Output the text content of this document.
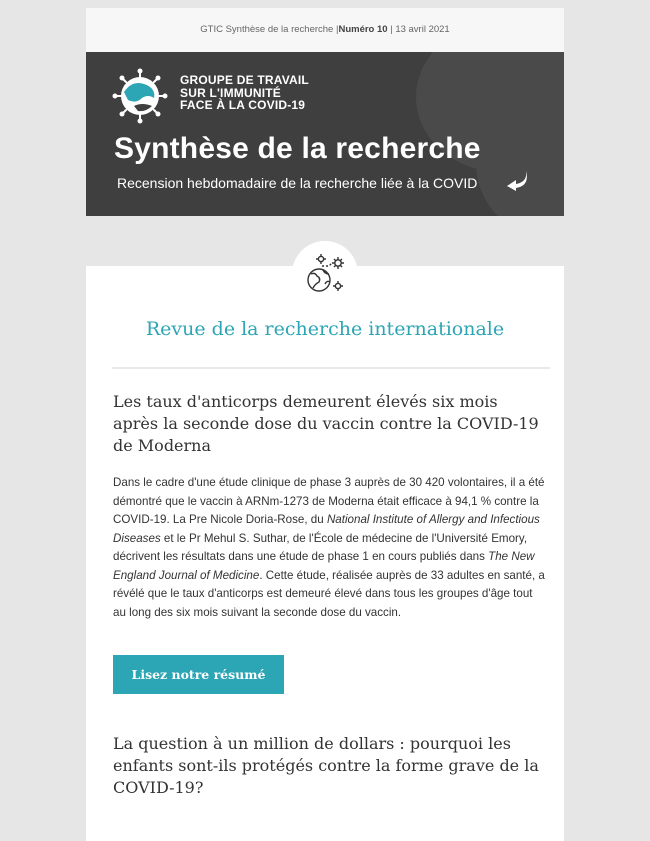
GTIC Synthèse de la recherche |Numéro 10 | 13 avril 2021
GROUPE DE TRAVAIL
SUR L'IMMUNITÉ
FACE À LA COVID-19
Synthèse de la recherche
Recension hebdomadaire de la recherche liée à la COVID
Revue de la recherche internationale
Les taux d'anticorps demeurent élevés six mois après la seconde dose du vaccin contre la COVID-19 de Moderna
Dans le cadre d'une étude clinique de phase 3 auprès de 30 420 volontaires, il a été démontré que le vaccin à ARNm-1273 de Moderna était efficace à 94,1 % contre la COVID-19. La Pre Nicole Doria-Rose, du National Institute of Allergy and Infectious Diseases et le Pr Mehul S. Suthar, de l'École de médecine de l'Université Emory, décrivent les résultats dans une étude de phase 1 en cours publiés dans The New England Journal of Medicine. Cette étude, réalisée auprès de 33 adultes en santé, a révélé que le taux d'anticorps est demeuré élevé dans tous les groupes d'âge tout au long des six mois suivant la seconde dose du vaccin.
Lisez notre résumé
La question à un million de dollars : pourquoi les enfants sont-ils protégés contre la forme grave de la COVID-19?
